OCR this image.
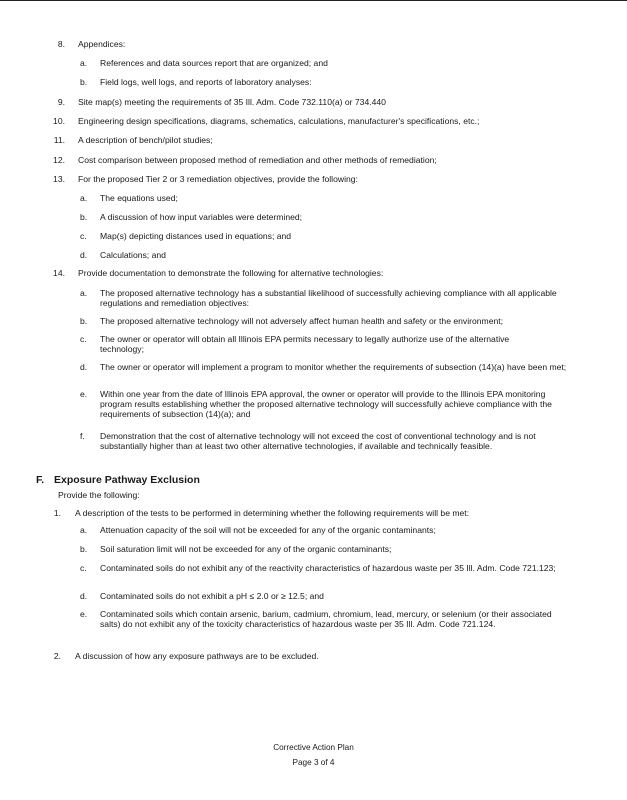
8. Appendices:
a. References and data sources report that are organized; and
b. Field logs, well logs, and reports of laboratory analyses:
9. Site map(s) meeting the requirements of 35 Ill. Adm. Code 732.110(a) or 734.440
10. Engineering design specifications, diagrams, schematics, calculations, manufacturer's specifications, etc.;
11. A description of bench/pilot studies;
12. Cost comparison between proposed method of remediation and other methods of remediation;
13. For the proposed Tier 2 or 3 remediation objectives, provide the following:
a. The equations used;
b. A discussion of how input variables were determined;
c. Map(s) depicting distances used in equations; and
d. Calculations; and
14. Provide documentation to demonstrate the following for alternative technologies:
a. The proposed alternative technology has a substantial likelihood of successfully achieving compliance with all applicable regulations and remediation objectives:
b. The proposed alternative technology will not adversely affect human health and safety or the environment;
c. The owner or operator will obtain all Illinois EPA permits necessary to legally authorize use of the alternative technology;
d. The owner or operator will implement a program to monitor whether the requirements of subsection (14)(a) have been met;
e. Within one year from the date of Illinois EPA approval, the owner or operator will provide to the Illinois EPA monitoring program results establishing whether the proposed alternative technology will successfully achieve compliance with the requirements of subsection (14)(a); and
f. Demonstration that the cost of alternative technology will not exceed the cost of conventional technology and is not substantially higher than at least two other alternative technologies, if available and technically feasible.
F. Exposure Pathway Exclusion
Provide the following:
1. A description of the tests to be performed in determining whether the following requirements will be met:
a. Attenuation capacity of the soil will not be exceeded for any of the organic contaminants;
b. Soil saturation limit will not be exceeded for any of the organic contaminants;
c. Contaminated soils do not exhibit any of the reactivity characteristics of hazardous waste per 35 Ill. Adm. Code 721.123;
d. Contaminated soils do not exhibit a pH ≤ 2.0 or ≥ 12.5; and
e. Contaminated soils which contain arsenic, barium, cadmium, chromium, lead, mercury, or selenium (or their associated salts) do not exhibit any of the toxicity characteristics of hazardous waste per 35 Ill. Adm. Code 721.124.
2. A discussion of how any exposure pathways are to be excluded.
Corrective Action Plan
Page 3 of 4
